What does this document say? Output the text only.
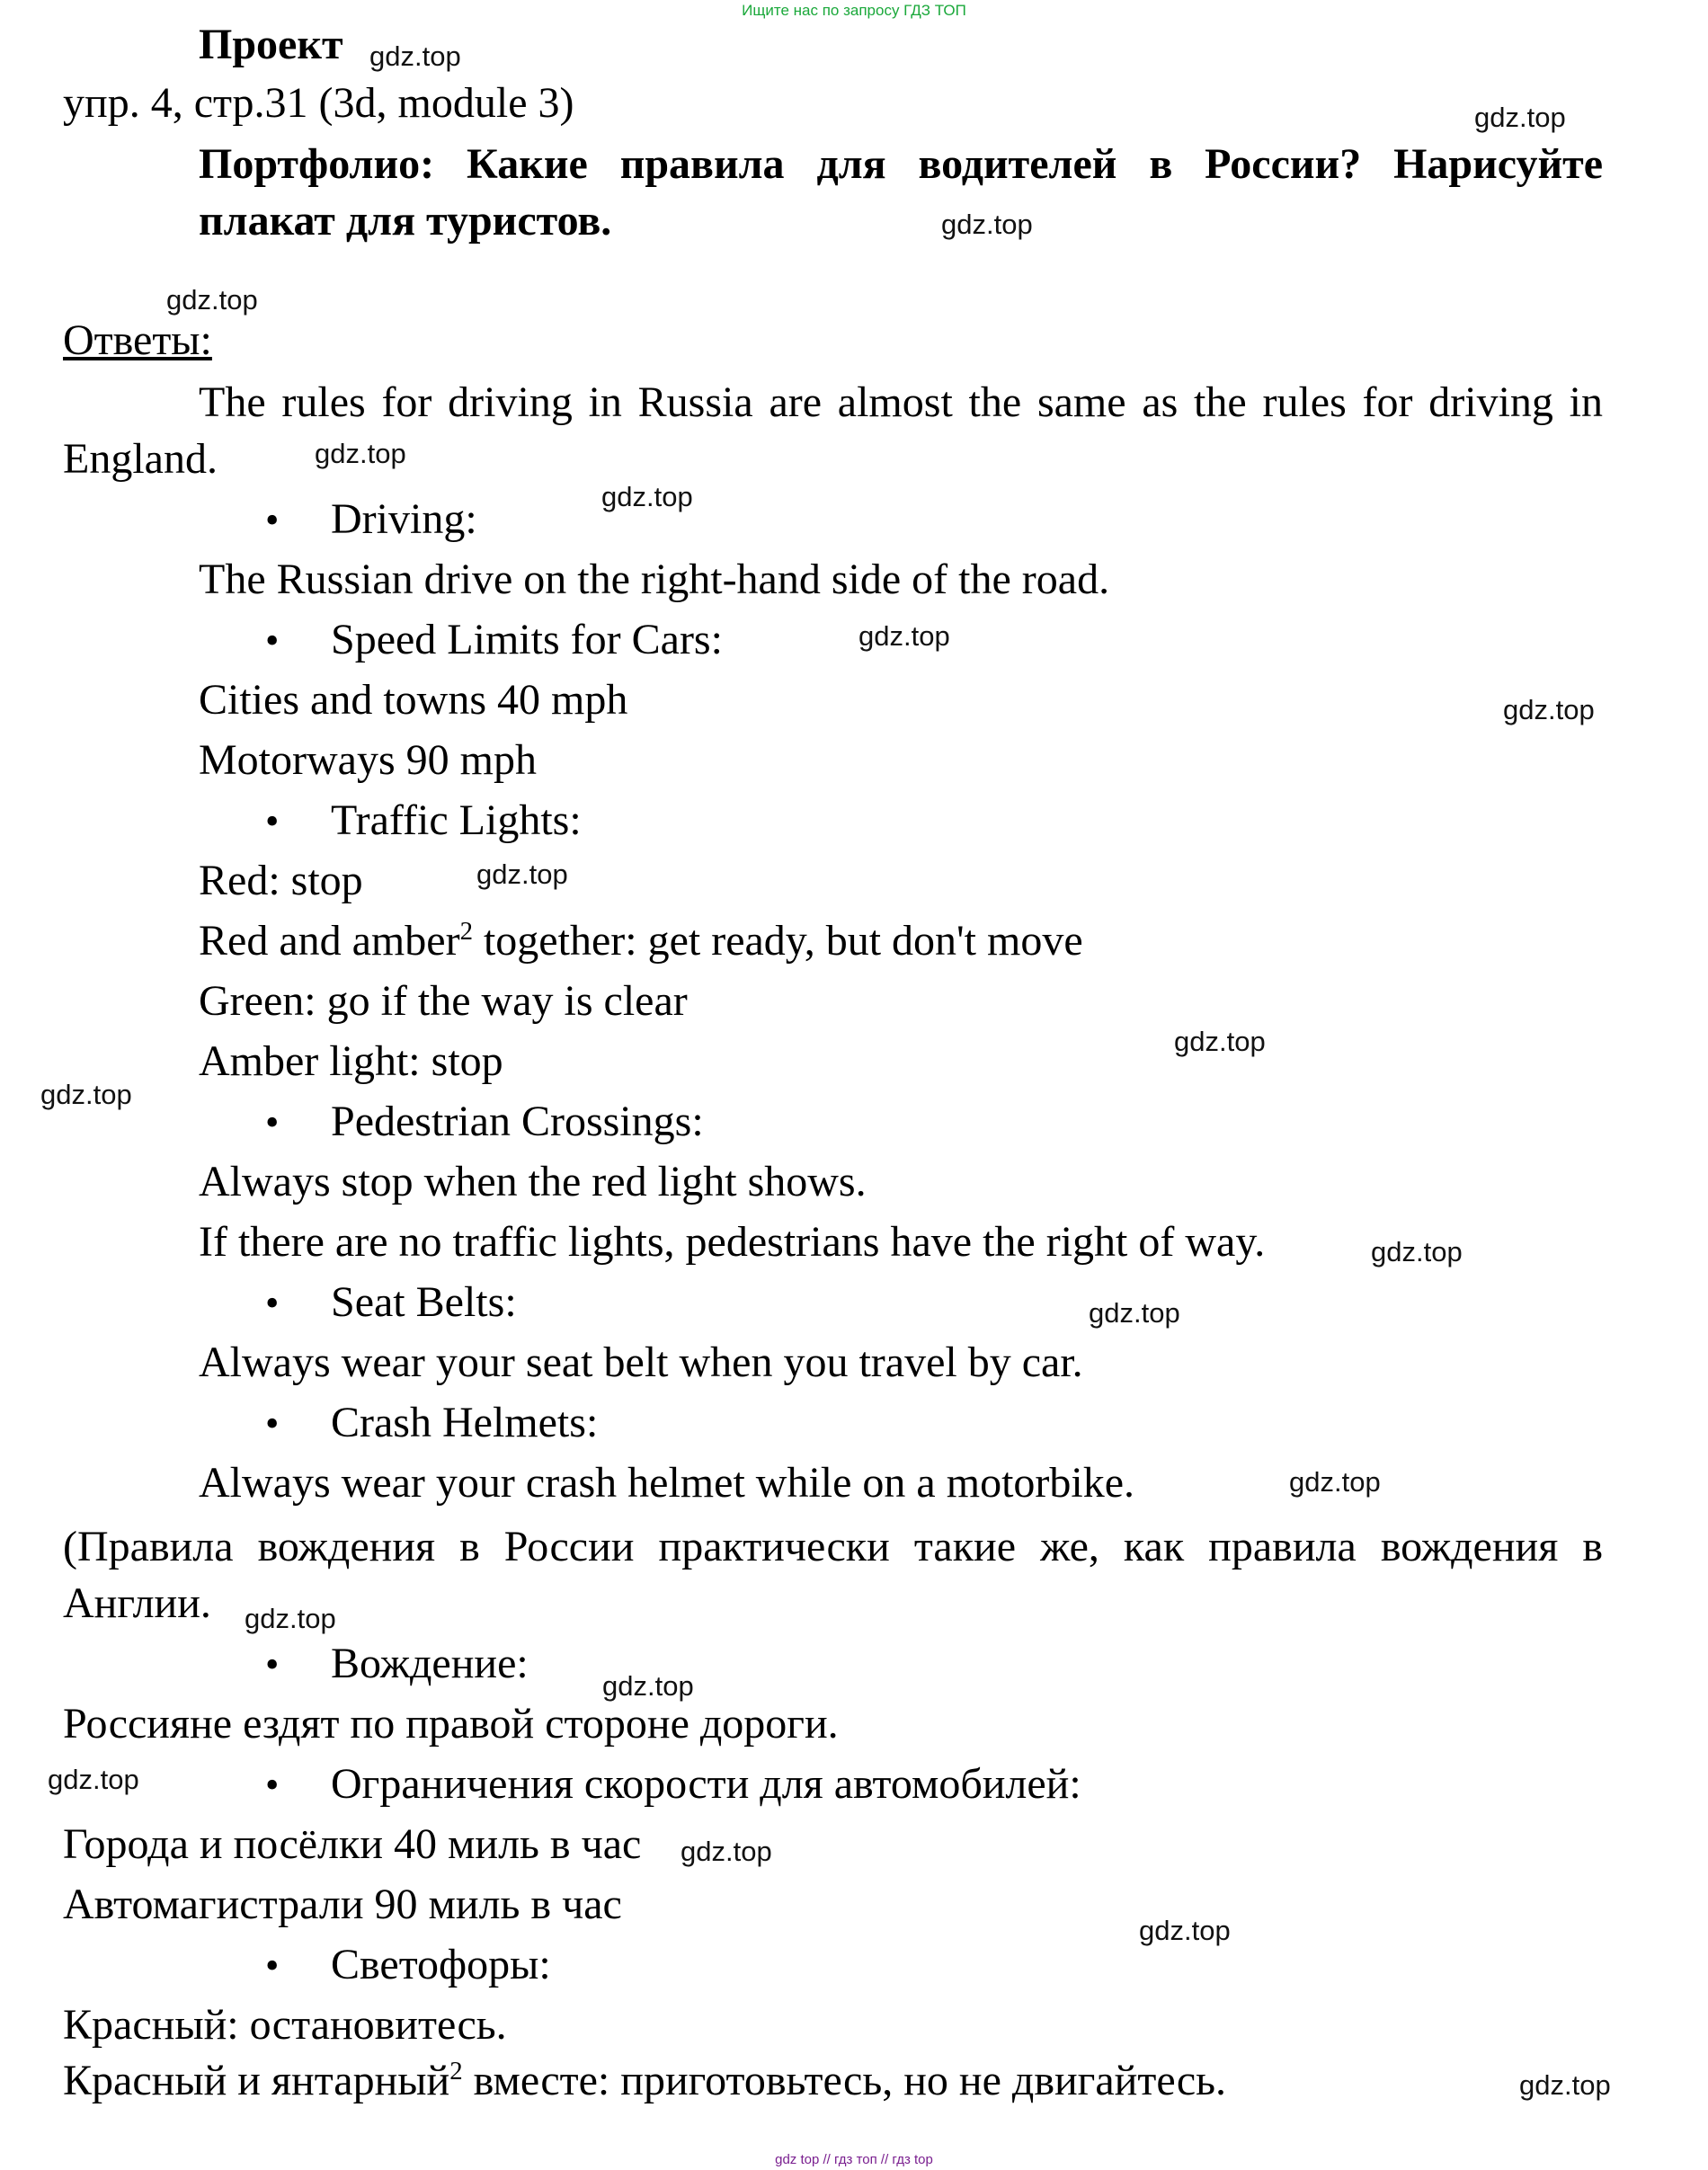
Ищите нас по запросу ГДЗ ТОП
Проект
упр. 4, стр.31 (3d, module 3)
Портфолио: Какие правила для водителей в России? Нарисуйте
плакат для туристов.
Ответы:
The rules for driving in Russia are almost the same as the rules for driving in
England.
• Driving:
The Russian drive on the right-hand side of the road.
• Speed Limits for Cars:
Cities and towns 40 mph
Motorways 90 mph
• Traffic Lights:
Red: stop
Red and amber$^2$ together: get ready, but don't move
Green: go if the way is clear
Amber light: stop
• Pedestrian Crossings:
Always stop when the red light shows.
If there are no traffic lights, pedestrians have the right of way.
• Seat Belts:
Always wear your seat belt when you travel by car.
• Crash Helmets:
Always wear your crash helmet while on a motorbike.
(Правила вождения в России практически такие же, как правила вождения в
Англии.
• Вождение:
Россияне ездят по правой стороне дороги.
• Ограничения скорости для автомобилей:
Города и посёлки 40 миль в час
Автомагистрали 90 миль в час
• Светофоры:
Красный: остановитесь.
Красный и янтарный$^2$ вместе: приготовьтесь, но не двигайтесь.
gdz.top
gdz.top
gdz.top
gdz.top
gdz.top
gdz.top
gdz.top
gdz.top
gdz.top
gdz.top
gdz.top
gdz.top
gdz.top
gdz.top
gdz.top
gdz.top
gdz.top
gdz.top
gdz.top
gdz.top
gdz top // гдз топ // гдз top
